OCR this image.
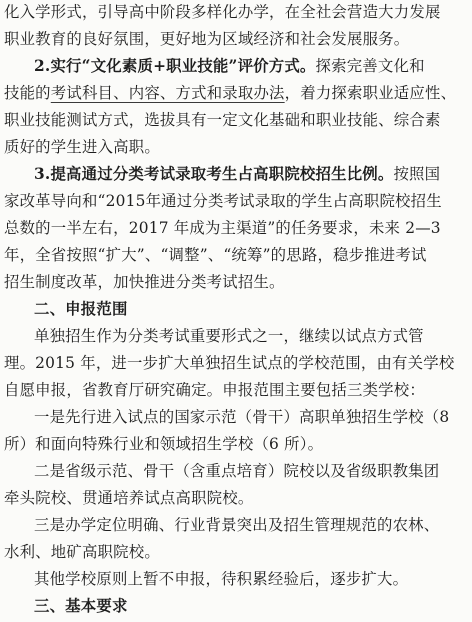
化入学形式，引导高中阶段多样化办学，在全社会营造大力发展
职业教育的良好氛围，更好地为区域经济和社会发展服务。
2.实行“文化素质+职业技能”评价方式。探索完善文化和
技能的考试科目、内容、方式和录取办法，着力探索职业适应性、
职业技能测试方式，选拔具有一定文化基础和职业技能、综合素
质好的学生进入高职。
3.提高通过分类考试录取考生占高职院校招生比例。按照国
家改革导向和“2015年通过分类考试录取的学生占高职院校招生
总数的一半左右，2017 年成为主渠道”的任务要求，未来 2—3
年，全省按照“扩大”、“调整”、“统筹”的思路，稳步推进考试
招生制度改革，加快推进分类考试招生。
二、申报范围
单独招生作为分类考试重要形式之一，继续以试点方式管
理。2015 年，进一步扩大单独招生试点的学校范围，由有关学校
自愿申报，省教育厅研究确定。申报范围主要包括三类学校：
一是先行进入试点的国家示范（骨干）高职单独招生学校（8
所）和面向特殊行业和领域招生学校（6 所）。
二是省级示范、骨干（含重点培育）院校以及省级职教集团
牵头院校、贯通培养试点高职院校。
三是办学定位明确、行业背景突出及招生管理规范的农林、
水利、地矿高职院校。
其他学校原则上暂不申报，待积累经验后，逐步扩大。
三、基本要求
